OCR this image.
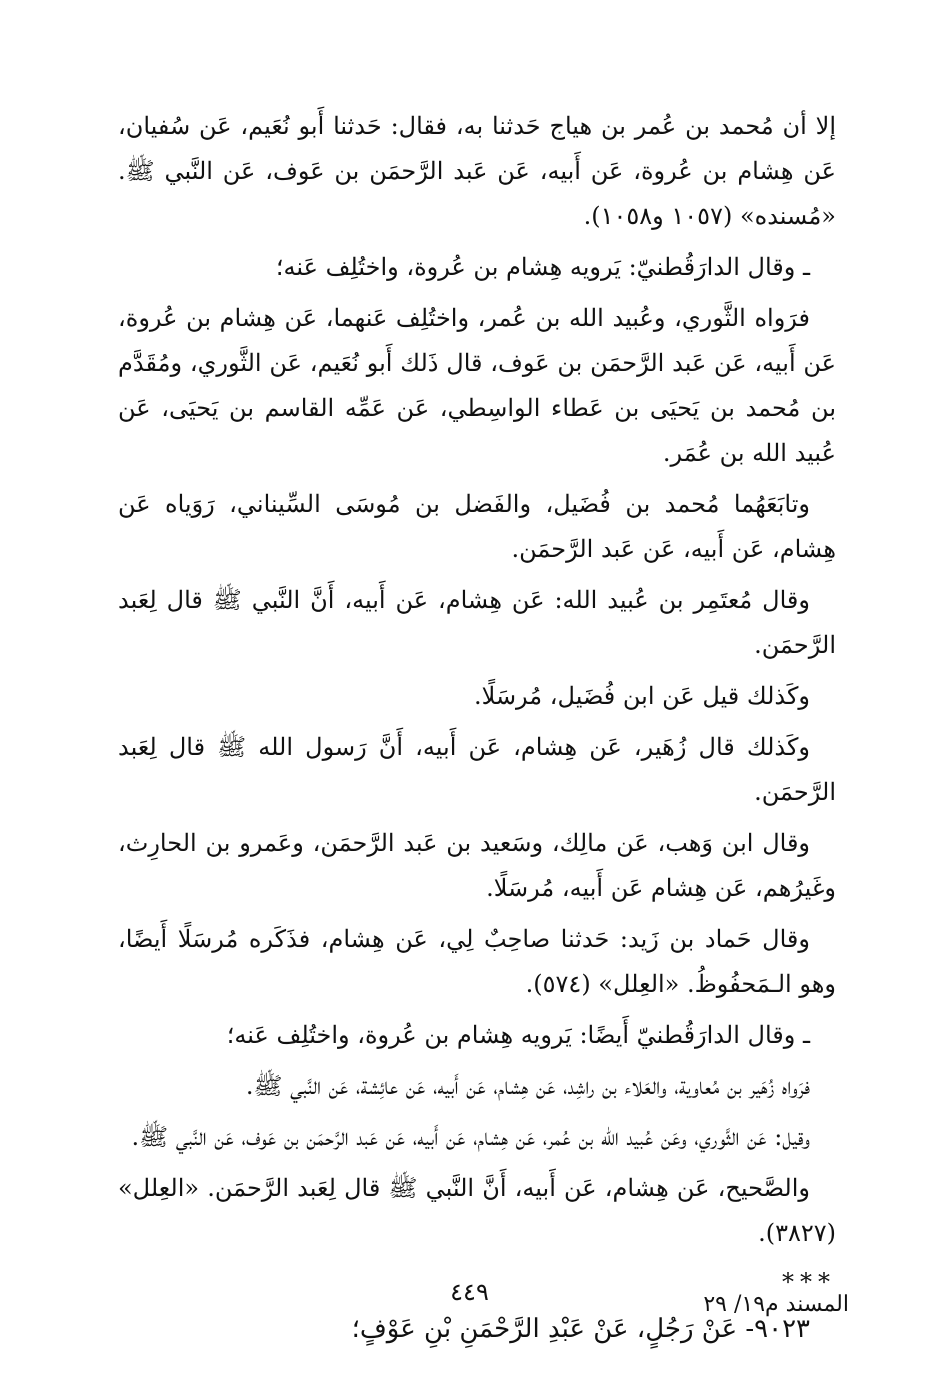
إلا أن مُحمد بن عُمر بن هياج حَدثنا به، فقال: حَدثنا أَبو نُعَيم، عَن سُفيان، عَن هِشام بن عُروة، عَن أَبيه، عَن عَبد الرَّحمَن بن عَوف، عَن النَّبي ﷺ. «مُسنده» (١٠٥٧ و١٠٥٨).

ـ وقال الدارَقُطنيّ: يَرويه هِشام بن عُروة، واختُلِف عَنه؛

فرَواه الثَّوري، وعُبيد الله بن عُمر، واختُلِف عَنهما، عَن هِشام بن عُروة، عَن أَبيه، عَن عَبد الرَّحمَن بن عَوف، قال ذَلك أَبو نُعَيم، عَن الثَّوري، ومُقَدَّم بن مُحمد بن يَحيَى بن عَطاء الواسِطي، عَن عَمِّه القاسم بن يَحيَى، عَن عُبيد الله بن عُمَر.

وتابَعَهُما مُحمد بن فُضَيل، والفَضل بن مُوسَى السِّيناني، رَوَياه عَن هِشام، عَن أَبيه، عَن عَبد الرَّحمَن.

وقال مُعتَمِر بن عُبيد الله: عَن هِشام، عَن أَبيه، أَنَّ النَّبي ﷺ قال لِعَبد الرَّحمَن.

وكَذلك قيل عَن ابن فُضَيل، مُرسَلًا.

وكَذلك قال زُهَير، عَن هِشام، عَن أَبيه، أَنَّ رَسول الله ﷺ قال لِعَبد الرَّحمَن.

وقال ابن وَهب، عَن مالِك، وسَعيد بن عَبد الرَّحمَن، وعَمرو بن الحارِث، وغَيرُهم، عَن هِشام عَن أَبيه، مُرسَلًا.

وقال حَماد بن زَيد: حَدثنا صاحِبٌ لِي، عَن هِشام، فذَكَره مُرسَلًا أَيضًا، وهو الـمَحفُوظُ. «العِلل» (٥٧٤).

ـ وقال الدارَقُطنيّ أَيضًا: يَرويه هِشام بن عُروة، واختُلِف عَنه؛

فرَواه زُهَير بن مُعاوية، والعَلاء بن راشِد، عَن هِشام، عَن أَبيه، عَن عائِشة، عَن النَّبي ﷺ.

وقيل: عَن الثَّوري، وعَن عُبيد الله بن عُمر، عَن هِشام، عَن أَبيه، عَن عَبد الرَّحمَن بن عَوف، عَن النَّبي ﷺ.

والصَّحيح، عَن هِشام، عَن أَبيه، أَنَّ النَّبي ﷺ قال لِعَبد الرَّحمَن. «العِلل» (٣٨٢٧).

***

٩٠٢٣- عَنْ رَجُلٍ، عَنْ عَبْدِ الرَّحْمَنِ بْنِ عَوْفٍ؛

٤٤٩	المسند م١٩/ ٢٩
